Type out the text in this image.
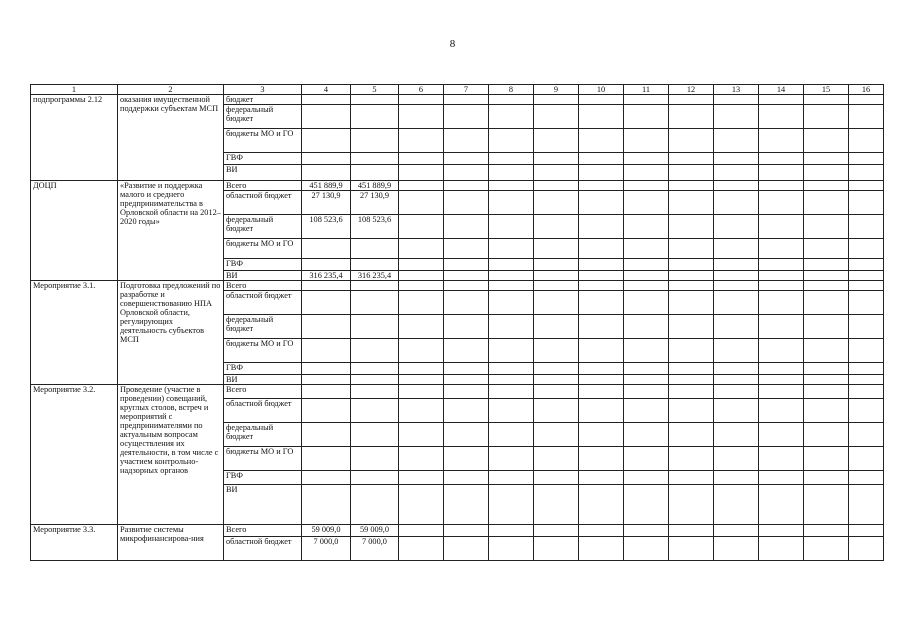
8
1	2	3	4	5	6	7	8	9	10	11	12	13	14	15	16
подпрограммы 2.12	оказания имущественной поддержки субъектам МСП	бюджет													
		федеральный бюджет													
		бюджеты МО и ГО													
		ГВФ													
		ВИ													
ДОЦП	«Развитие и поддержка малого и среднего предпринимательства в Орловской области на 2012–2020 годы»	Всего	451 889,9	451 889,9											
		областной бюджет	27 130,9	27 130,9											
		федеральный бюджет	108 523,6	108 523,6											
		бюджеты МО и ГО													
		ГВФ													
		ВИ	316 235,4	316 235,4											
Мероприятие 3.1.	Подготовка предложений по разработке и совершенствованию НПА Орловской области, регулирующих деятельность субъектов МСП	Всего													
		областной бюджет													
		федеральный бюджет													
		бюджеты МО и ГО													
		ГВФ													
		ВИ													
Мероприятие 3.2.	Проведение (участие в проведении) совещаний, круглых столов, встреч и мероприятий с предпринимателями по актуальным вопросам осуществления их деятельности, в том числе с участием контрольно-надзорных органов	Всего													
		областной бюджет													
		федеральный бюджет													
		бюджеты МО и ГО													
		ГВФ													
		ВИ													
Мероприятие 3.3.	Развитие системы микрофинансирова-ния	Всего	59 009,0	59 009,0											
		областной бюджет	7 000,0	7 000,0											
